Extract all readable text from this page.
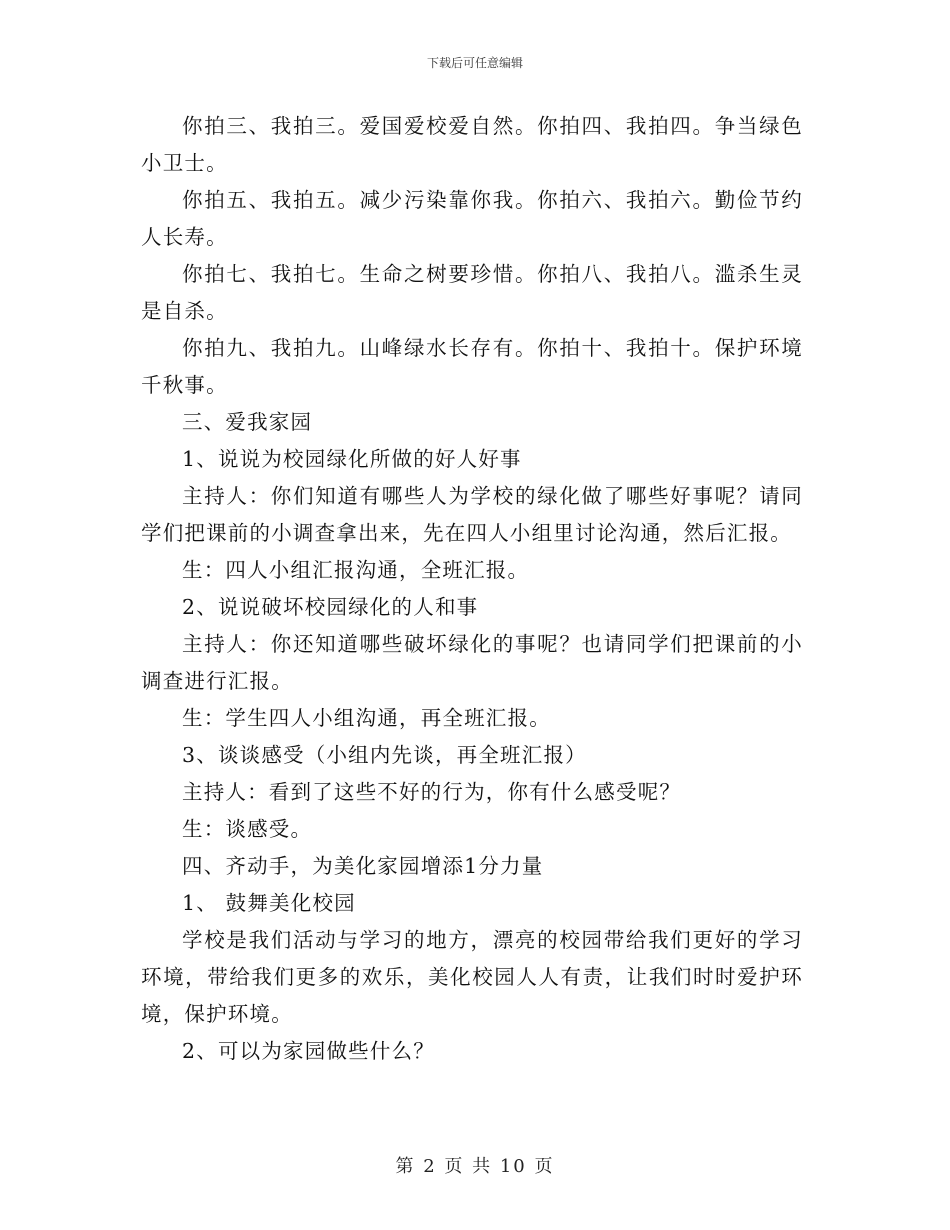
下载后可任意编辑

你拍三、我拍三。爱国爱校爱自然。你拍四、我拍四。争当绿色小卫士。

你拍五、我拍五。减少污染靠你我。你拍六、我拍六。勤俭节约人长寿。

你拍七、我拍七。生命之树要珍惜。你拍八、我拍八。滥杀生灵是自杀。

你拍九、我拍九。山峰绿水长存有。你拍十、我拍十。保护环境千秋事。

三、爱我家园

1、说说为校园绿化所做的好人好事

主持人：你们知道有哪些人为学校的绿化做了哪些好事呢？请同学们把课前的小调查拿出来，先在四人小组里讨论沟通，然后汇报。

生：四人小组汇报沟通，全班汇报。

2、说说破坏校园绿化的人和事

主持人：你还知道哪些破坏绿化的事呢？也请同学们把课前的小调查进行汇报。

生：学生四人小组沟通，再全班汇报。

3、谈谈感受（小组内先谈，再全班汇报）

主持人：看到了这些不好的行为，你有什么感受呢？

生：谈感受。

四、齐动手，为美化家园增添1分力量

1、 鼓舞美化校园

学校是我们活动与学习的地方，漂亮的校园带给我们更好的学习环境，带给我们更多的欢乐，美化校园人人有责，让我们时时爱护环境，保护环境。

2、可以为家园做些什么？

第 2 页 共 10 页
